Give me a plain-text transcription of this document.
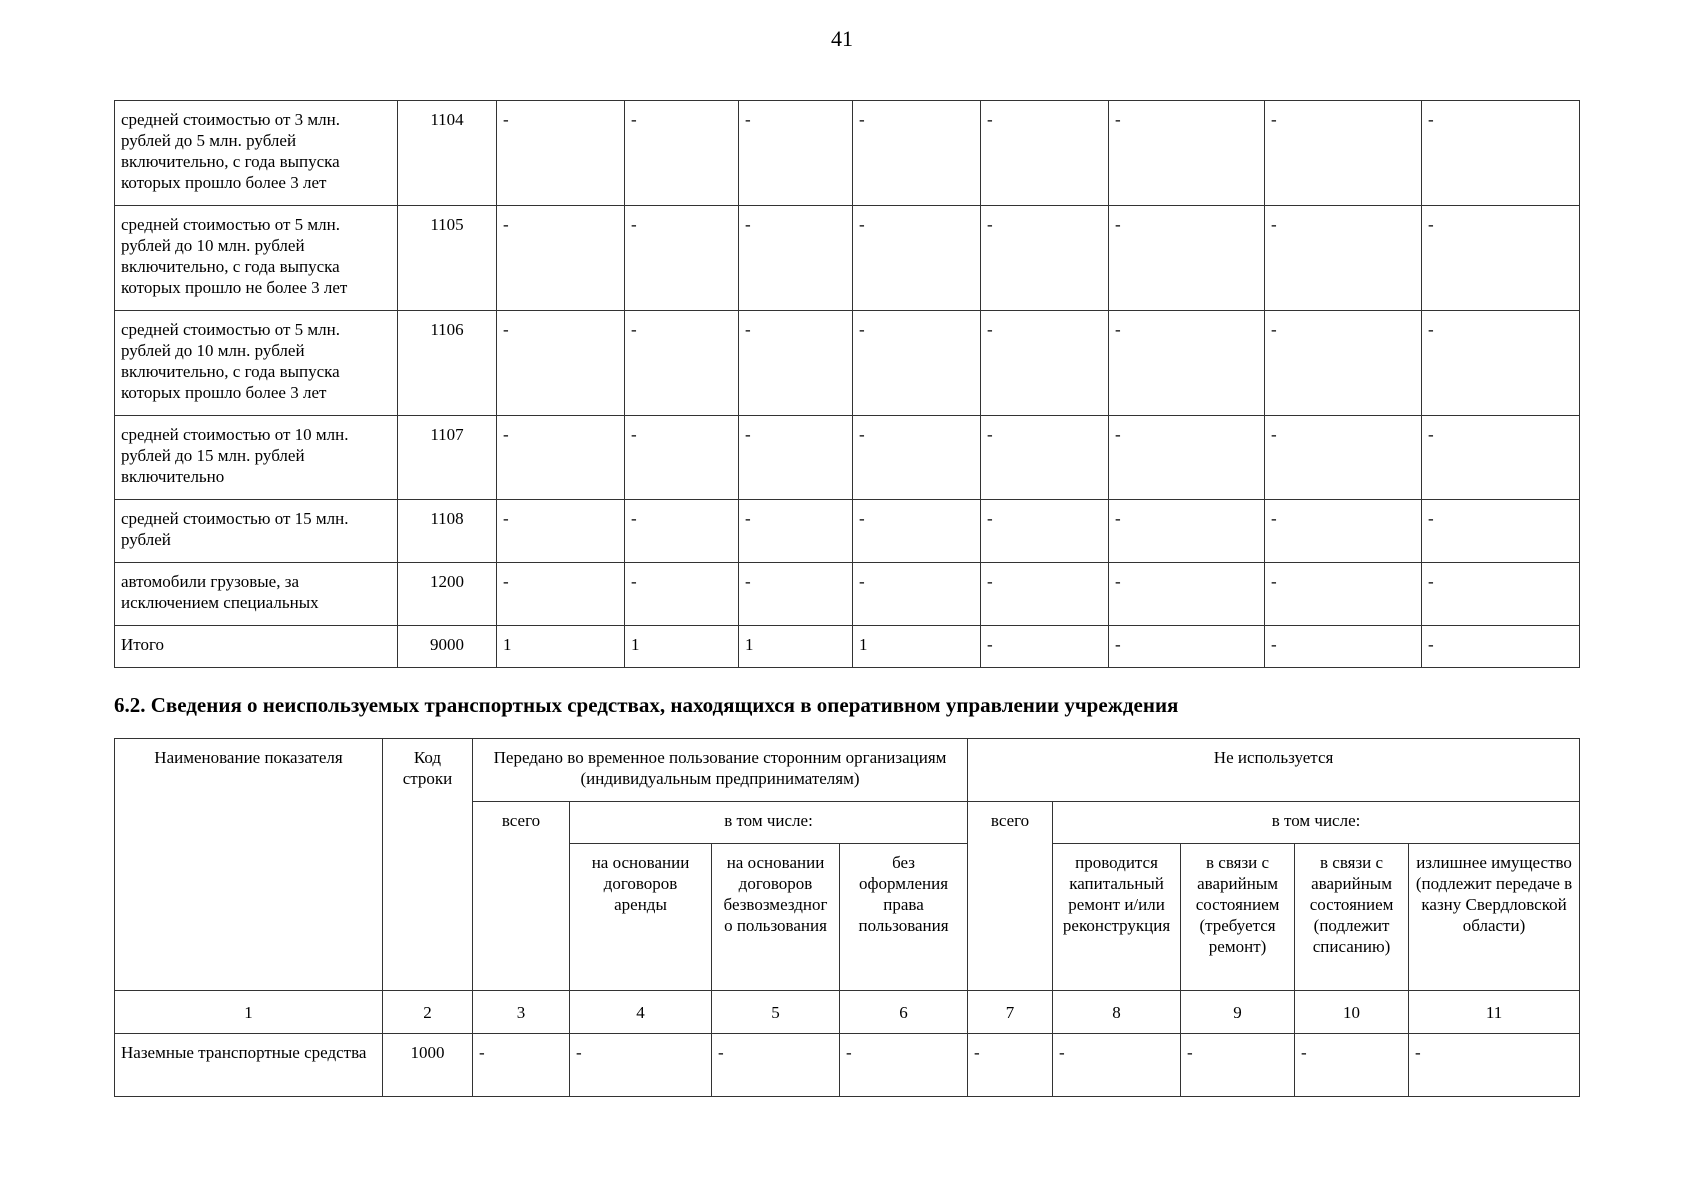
41
средней стоимостью от 3 млн. рублей до 5 млн. рублей включительно, с года выпуска которых прошло более 3 лет	1104	-	-	-	-	-	-	-	-
средней стоимостью от 5 млн. рублей до 10 млн. рублей включительно, с года выпуска которых прошло не более 3 лет	1105	-	-	-	-	-	-	-	-
средней стоимостью от 5 млн. рублей до 10 млн. рублей включительно, с года выпуска которых прошло более 3 лет	1106	-	-	-	-	-	-	-	-
средней стоимостью от 10 млн. рублей до 15 млн. рублей включительно	1107	-	-	-	-	-	-	-	-
средней стоимостью от 15 млн. рублей	1108	-	-	-	-	-	-	-	-
автомобили грузовые, за исключением специальных	1200	-	-	-	-	-	-	-	-
Итого	9000	1	1	1	1	-	-	-	-
6.2. Сведения о неиспользуемых транспортных средствах, находящихся в оперативном управлении учреждения
Наименование показателя	Код строки	Передано во временное пользование сторонним организациям (индивидуальным предпринимателям)				Не используется				
		всего	в том числе:			всего	в том числе:			
			на основании договоров аренды	на основании договоров безвозмездног о пользования	без оформления права пользования		проводится капитальный ремонт и/или реконструкция	в связи с аварийным состоянием (требуется ремонт)	в связи с аварийным состоянием (подлежит списанию)	излишнее имущество (подлежит передаче в казну Свердловской области)
1	2	3	4	5	6	7	8	9	10	11
Наземные транспортные средства	1000	-	-	-	-	-	-	-	-	-
